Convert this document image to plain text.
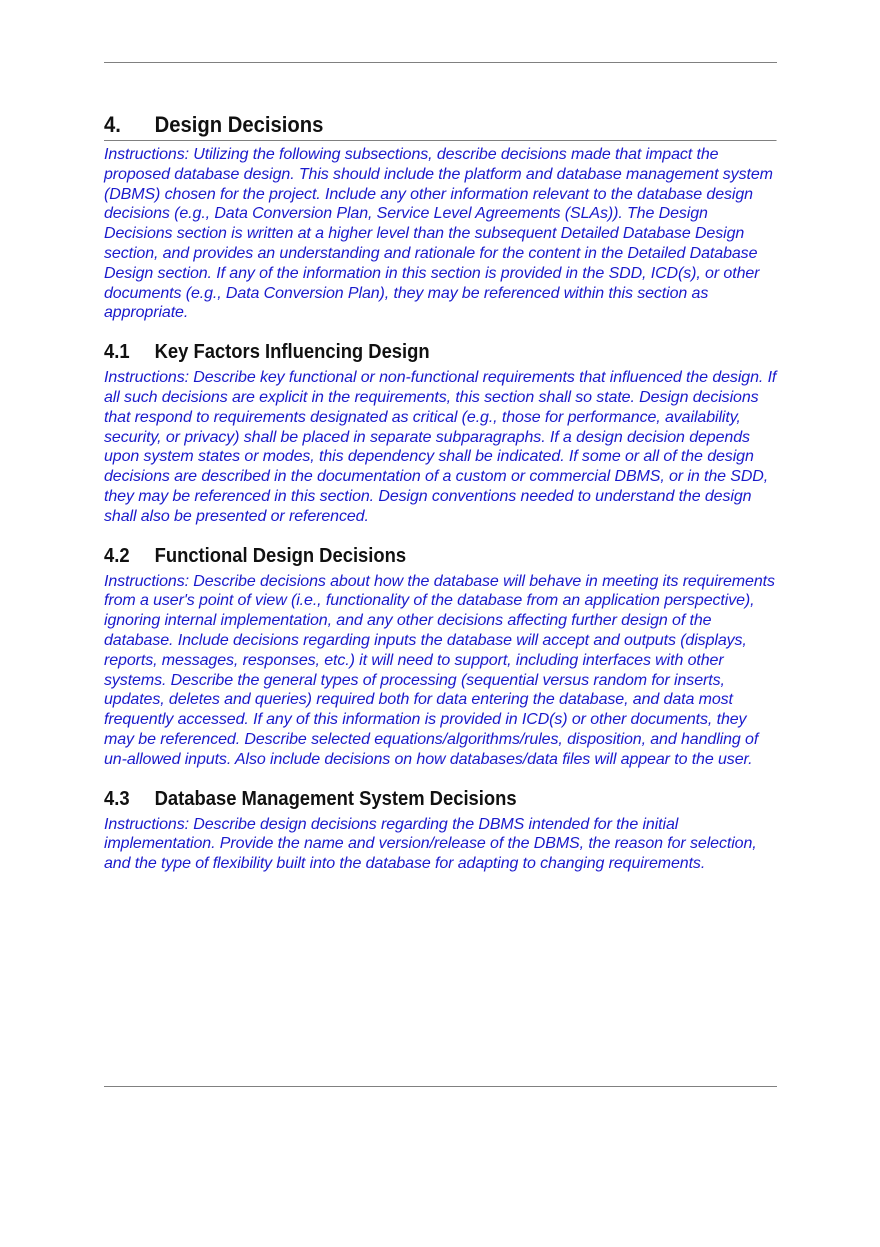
4.	Design Decisions

Instructions: Utilizing the following subsections, describe decisions made that impact the proposed database design. This should include the platform and database management system (DBMS) chosen for the project. Include any other information relevant to the database design decisions (e.g., Data Conversion Plan, Service Level Agreements (SLAs)). The Design Decisions section is written at a higher level than the subsequent Detailed Database Design section, and provides an understanding and rationale for the content in the Detailed Database Design section. If any of the information in this section is provided in the SDD, ICD(s), or other documents (e.g., Data Conversion Plan), they may be referenced within this section as appropriate.

4.1	Key Factors Influencing Design

Instructions: Describe key functional or non-functional requirements that influenced the design. If all such decisions are explicit in the requirements, this section shall so state. Design decisions that respond to requirements designated as critical (e.g., those for performance, availability, security, or privacy) shall be placed in separate subparagraphs. If a design decision depends upon system states or modes, this dependency shall be indicated. If some or all of the design decisions are described in the documentation of a custom or commercial DBMS, or in the SDD, they may be referenced in this section. Design conventions needed to understand the design shall also be presented or referenced.

4.2	Functional Design Decisions

Instructions: Describe decisions about how the database will behave in meeting its requirements from a user's point of view (i.e., functionality of the database from an application perspective), ignoring internal implementation, and any other decisions affecting further design of the database. Include decisions regarding inputs the database will accept and outputs (displays, reports, messages, responses, etc.) it will need to support, including interfaces with other systems. Describe the general types of processing (sequential versus random for inserts, updates, deletes and queries) required both for data entering the database, and data most frequently accessed. If any of this information is provided in ICD(s) or other documents, they may be referenced. Describe selected equations/algorithms/rules, disposition, and handling of un-allowed inputs. Also include decisions on how databases/data files will appear to the user.

4.3	Database Management System Decisions

Instructions: Describe design decisions regarding the DBMS intended for the initial implementation. Provide the name and version/release of the DBMS, the reason for selection, and the type of flexibility built into the database for adapting to changing requirements.
